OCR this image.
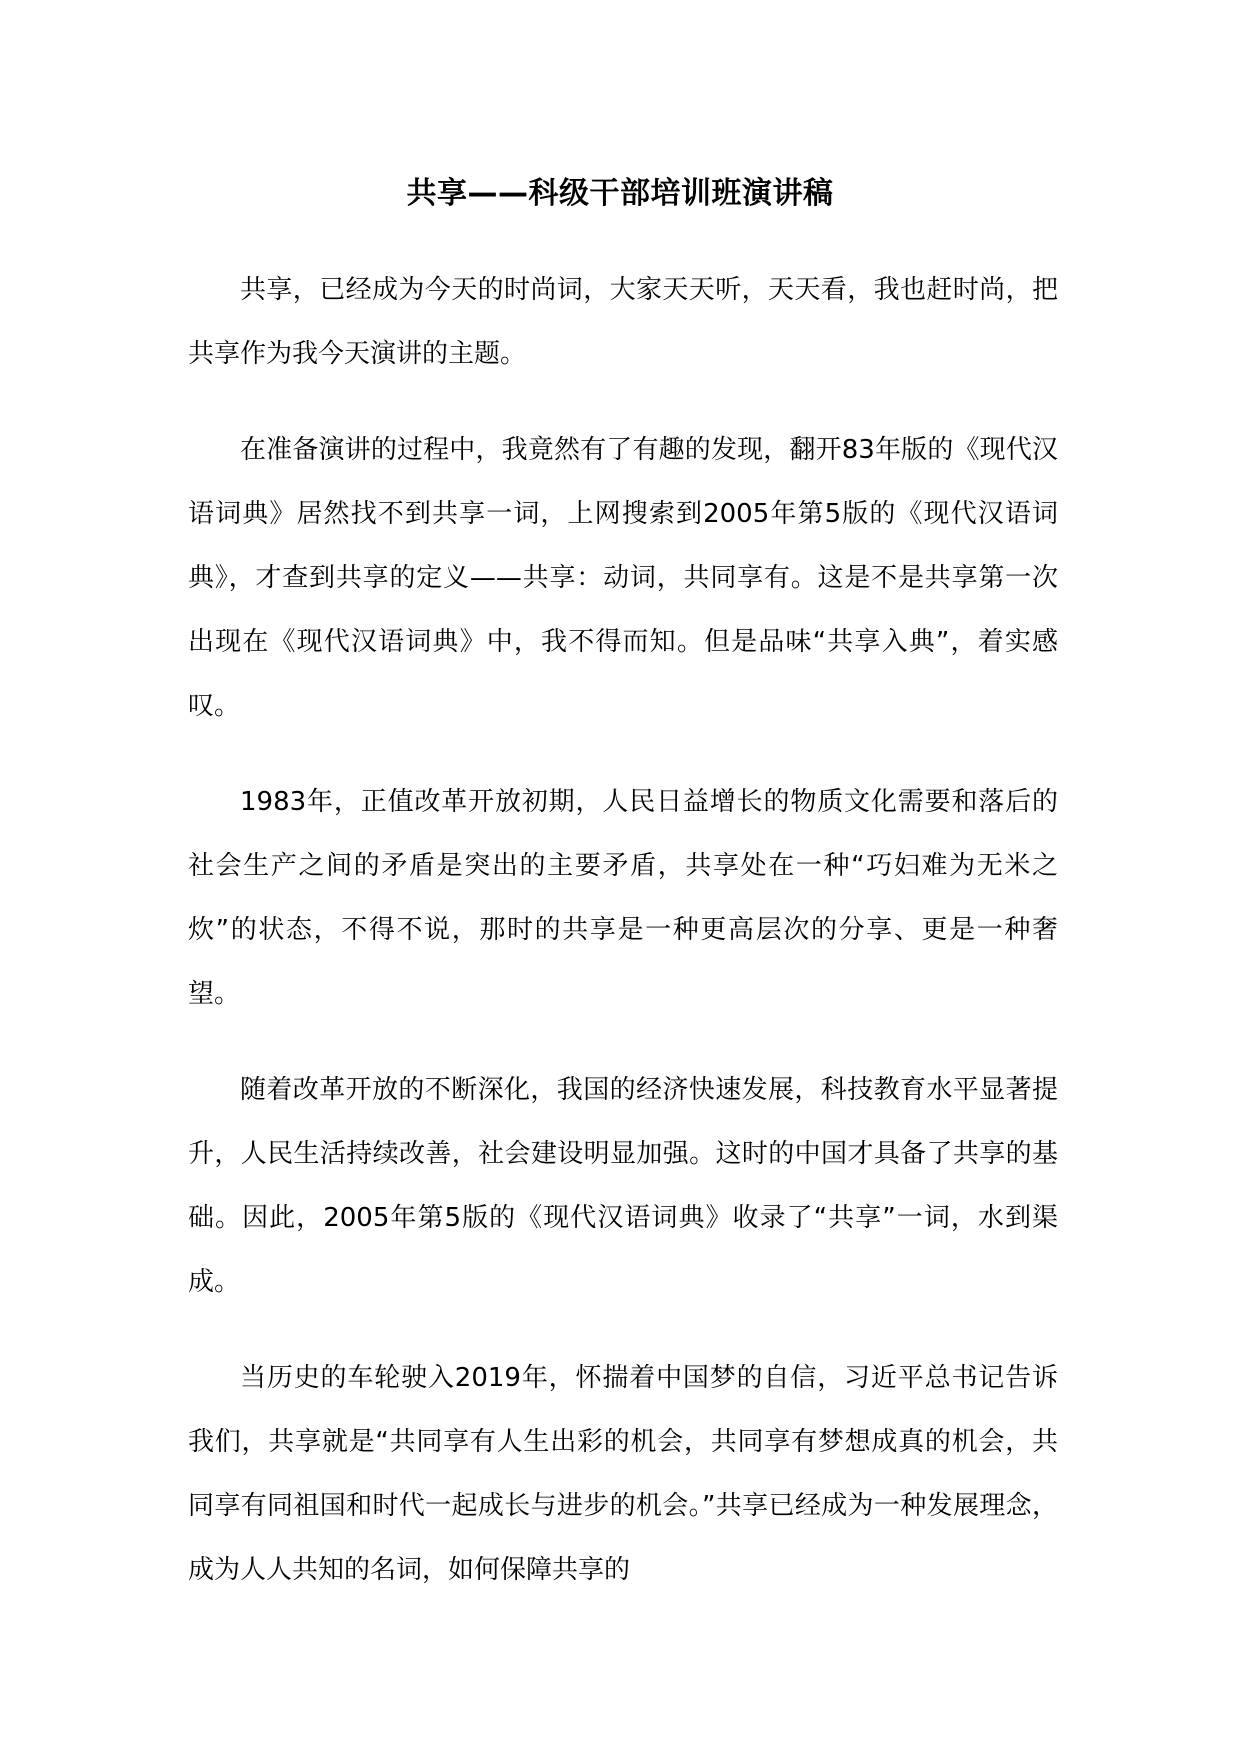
共享——科级干部培训班演讲稿

共享，已经成为今天的时尚词，大家天天听，天天看，我也赶时尚，把共享作为我今天演讲的主题。

在准备演讲的过程中，我竟然有了有趣的发现，翻开83年版的《现代汉语词典》居然找不到共享一词，上网搜索到2005年第5版的《现代汉语词典》，才查到共享的定义——共享：动词，共同享有。这是不是共享第一次出现在《现代汉语词典》中，我不得而知。但是品味“共享入典”，着实感叹。

1983年，正值改革开放初期，人民日益增长的物质文化需要和落后的社会生产之间的矛盾是突出的主要矛盾，共享处在一种“巧妇难为无米之炊”的状态，不得不说，那时的共享是一种更高层次的分享、更是一种奢望。

随着改革开放的不断深化，我国的经济快速发展，科技教育水平显著提升，人民生活持续改善，社会建设明显加强。这时的中国才具备了共享的基础。因此，2005年第5版的《现代汉语词典》收录了“共享”一词，水到渠成。

当历史的车轮驶入2019年，怀揣着中国梦的自信，习近平总书记告诉我们，共享就是“共同享有人生出彩的机会，共同享有梦想成真的机会，共同享有同祖国和时代一起成长与进步的机会。”共享已经成为一种发展理念，成为人人共知的名词，如何保障共享的
